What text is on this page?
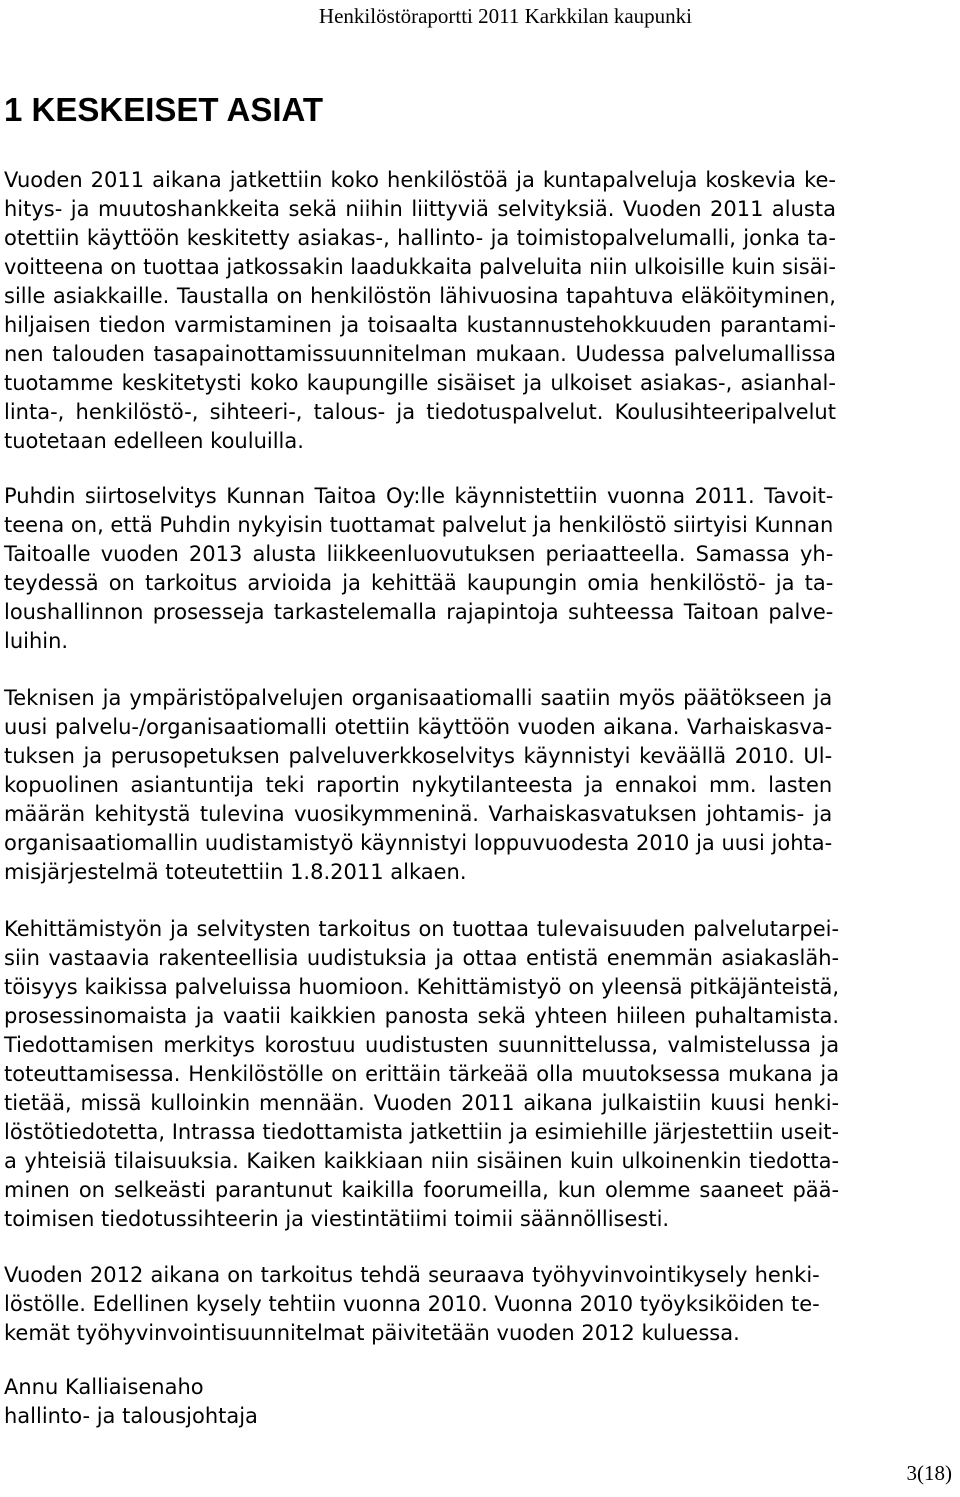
Henkilöstöraportti 2011 Karkkilan kaupunki
1 KESKEISET ASIAT

Vuoden 2011 aikana jatkettiin koko henkilöstöä ja kuntapalveluja koskevia ke-
hitys- ja muutoshankkeita sekä niihin liittyviä selvityksiä. Vuoden 2011 alusta
otettiin käyttöön keskitetty asiakas-, hallinto- ja toimistopalvelumalli, jonka ta-
voitteena on tuottaa jatkossakin laadukkaita palveluita niin ulkoisille kuin sisäi-
sille asiakkaille. Taustalla on henkilöstön lähivuosina tapahtuva eläköityminen,
hiljaisen tiedon varmistaminen ja toisaalta kustannustehokkuuden parantami-
nen talouden tasapainottamissuunnitelman mukaan. Uudessa palvelumallissa
tuotamme keskitetysti koko kaupungille sisäiset ja ulkoiset asiakas-, asianhal-
linta-, henkilöstö-, sihteeri-, talous- ja tiedotuspalvelut. Koulusihteeripalvelut
tuotetaan edelleen kouluilla.

Puhdin siirtoselvitys Kunnan Taitoa Oy:lle käynnistettiin vuonna 2011. Tavoit-
teena on, että Puhdin nykyisin tuottamat palvelut ja henkilöstö siirtyisi Kunnan
Taitoalle vuoden 2013 alusta liikkeenluovutuksen periaatteella. Samassa yh-
teydessä on tarkoitus arvioida ja kehittää kaupungin omia henkilöstö- ja ta-
loushallinnon prosesseja tarkastelemalla rajapintoja suhteessa Taitoan palve-
luihin.

Teknisen ja ympäristöpalvelujen organisaatiomalli saatiin myös päätökseen ja
uusi palvelu-/organisaatiomalli otettiin käyttöön vuoden aikana. Varhaiskasva-
tuksen ja perusopetuksen palveluverkkoselvitys käynnistyi keväällä 2010. Ul-
kopuolinen asiantuntija teki raportin nykytilanteesta ja ennakoi mm. lasten
määrän kehitystä tulevina vuosikymmeninä. Varhaiskasvatuksen johtamis- ja
organisaatiomallin uudistamistyö käynnistyi loppuvuodesta 2010 ja uusi johta-
misjärjestelmä toteutettiin 1.8.2011 alkaen.

Kehittämistyön ja selvitysten tarkoitus on tuottaa tulevaisuuden palvelutarpei-
siin vastaavia rakenteellisia uudistuksia ja ottaa entistä enemmän asiakasläh-
töisyys kaikissa palveluissa huomioon. Kehittämistyö on yleensä pitkäjänteistä,
prosessinomaista ja vaatii kaikkien panosta sekä yhteen hiileen puhaltamista.
Tiedottamisen merkitys korostuu uudistusten suunnittelussa, valmistelussa ja
toteuttamisessa. Henkilöstölle on erittäin tärkeää olla muutoksessa mukana ja
tietää, missä kulloinkin mennään. Vuoden 2011 aikana julkaistiin kuusi henki-
löstötiedotetta, Intrassa tiedottamista jatkettiin ja esimiehille järjestettiin useit-
a yhteisiä tilaisuuksia. Kaiken kaikkiaan niin sisäinen kuin ulkoinenkin tiedotta-
minen on selkeästi parantunut kaikilla foorumeilla, kun olemme saaneet pää-
toimisen tiedotussihteerin ja viestintätiimi toimii säännöllisesti.

Vuoden 2012 aikana on tarkoitus tehdä seuraava työhyvinvointikysely henki-
löstölle. Edellinen kysely tehtiin vuonna 2010. Vuonna 2010 työyksiköiden te-
kemät työhyvinvointisuunnitelmat päivitetään vuoden 2012 kuluessa.

Annu Kalliaisenaho
hallinto- ja talousjohtaja
3(18)
